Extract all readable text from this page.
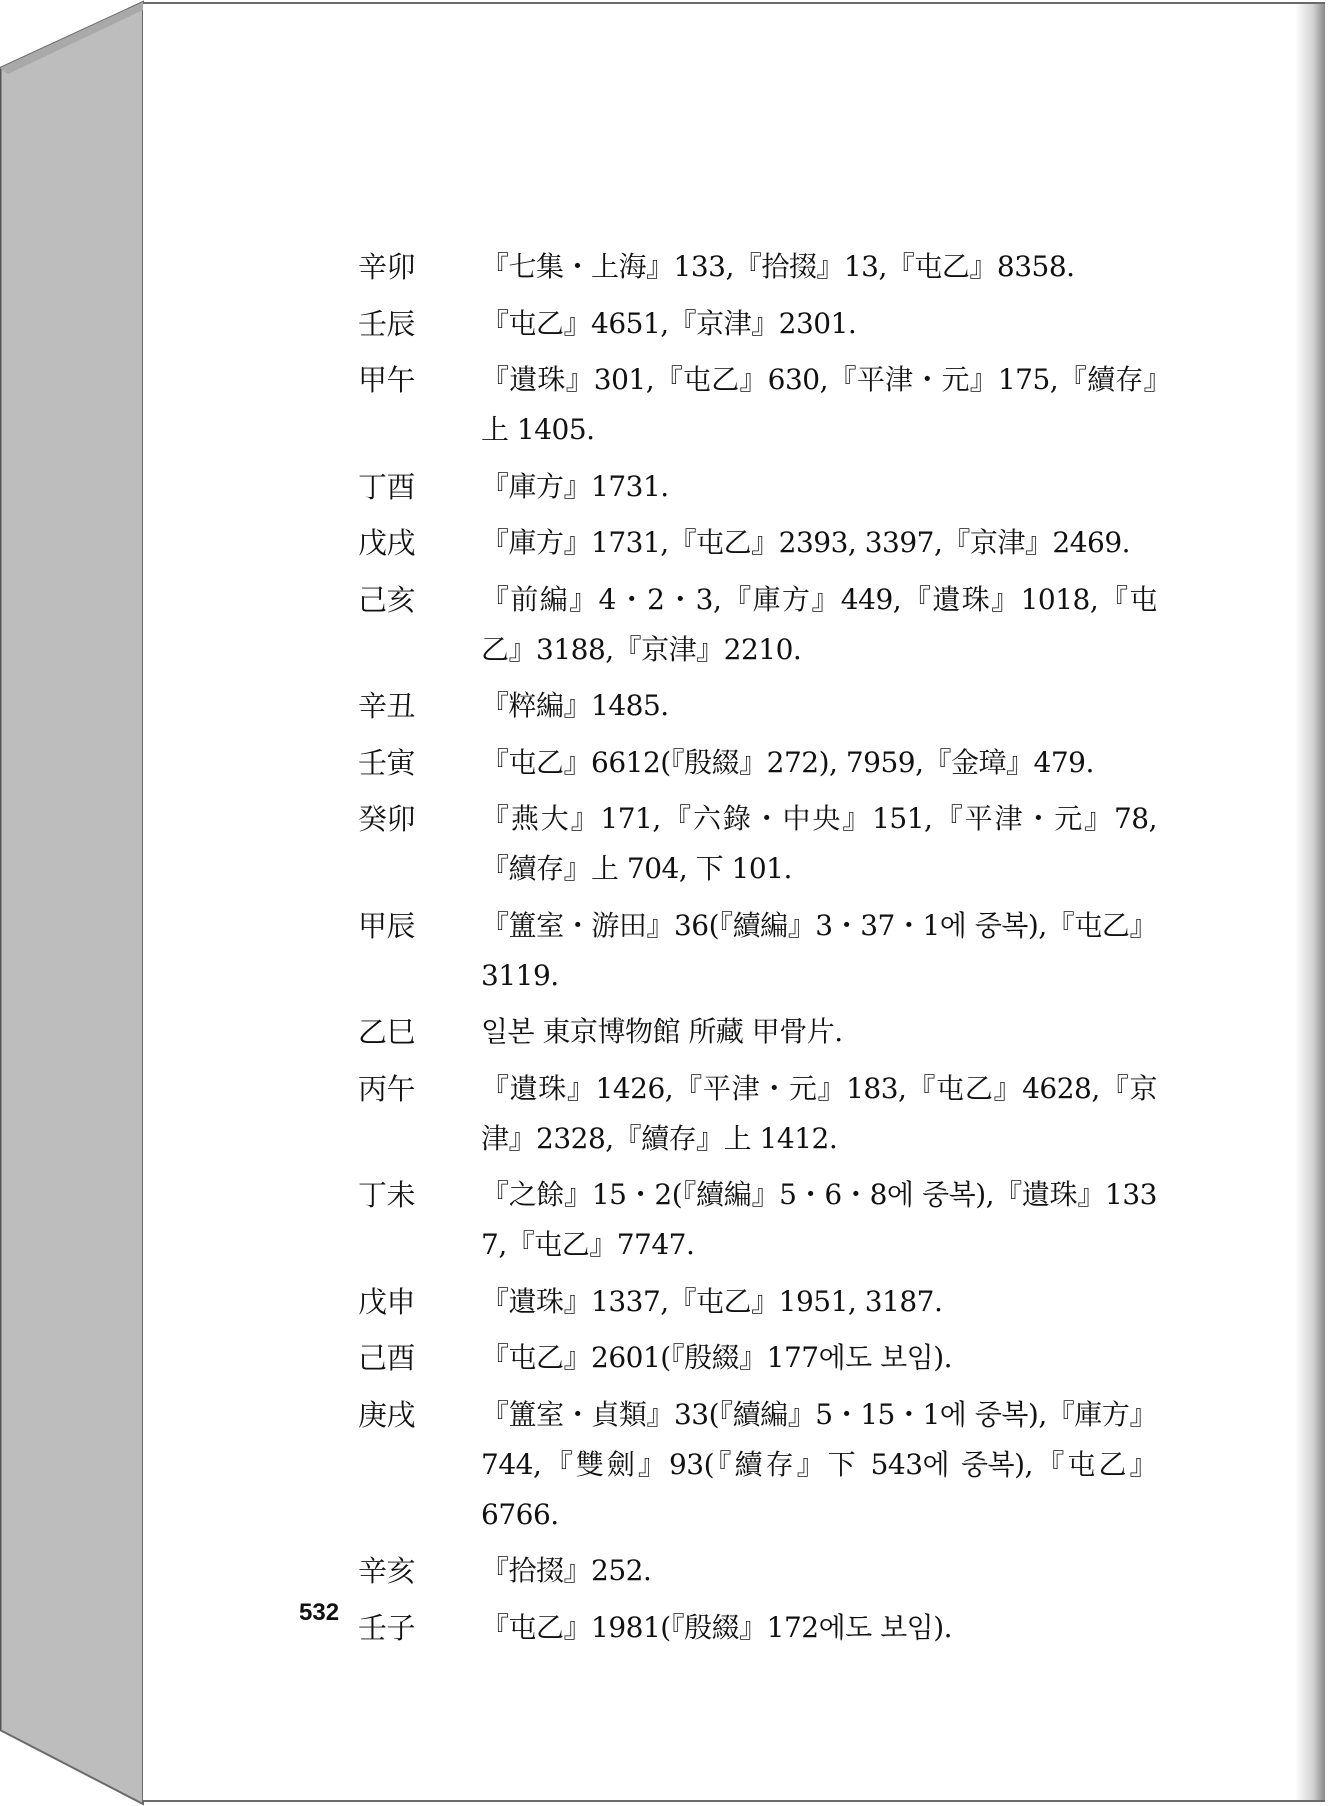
辛卯	『七集・上海』133,『拾掇』13,『屯乙』8358.
壬辰	『屯乙』4651,『京津』2301.
甲午	『遺珠』301,『屯乙』630,『平津・元』175,『續存』上 1405.
丁酉	『庫方』1731.
戊戌	『庫方』1731,『屯乙』2393, 3397,『京津』2469.
己亥	『前編』4・2・3,『庫方』449,『遺珠』1018,『屯乙』3188,『京津』2210.
辛丑	『粹編』1485.
壬寅	『屯乙』6612(『殷綴』272), 7959,『金璋』479.
癸卯	『燕大』171,『六錄・中央』151,『平津・元』78,『續存』上 704, 下 101.
甲辰	『簠室・游田』36(『續編』3・37・1에 중복),『屯乙』3119.
乙巳	일본 東京博物館 所藏 甲骨片.
丙午	『遺珠』1426,『平津・元』183,『屯乙』4628,『京津』2328,『續存』上 1412.
丁未	『之餘』15・2(『續編』5・6・8에 중복),『遺珠』133 7,『屯乙』7747.
戊申	『遺珠』1337,『屯乙』1951, 3187.
己酉	『屯乙』2601(『殷綴』177에도 보임).
庚戌	『簠室・貞類』33(『續編』5・15・1에 중복),『庫方』744,『雙劍』93(『續存』下 543에 중복),『屯乙』6766.
辛亥	『拾掇』252.
壬子	『屯乙』1981(『殷綴』172에도 보임).
532
